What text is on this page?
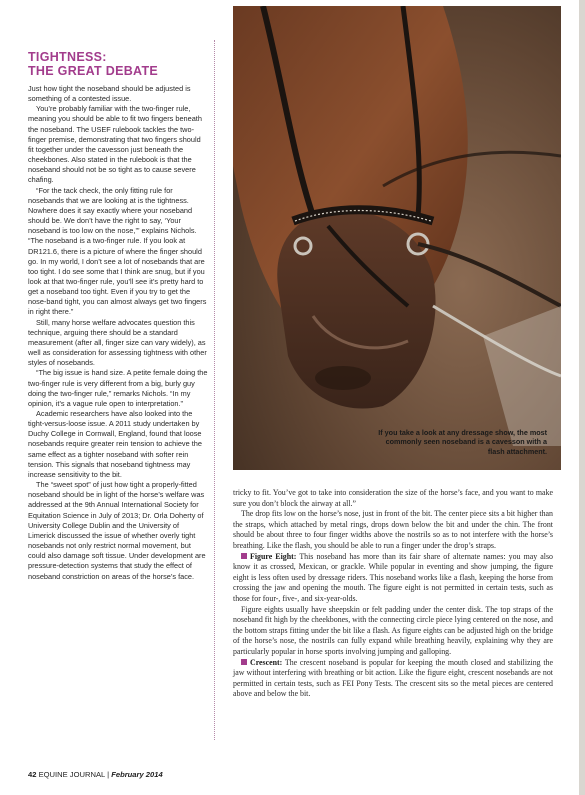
TIGHTNESS:
THE GREAT DEBATE

Just how tight the noseband should be adjusted is something of a contested issue.

You’re probably familiar with the two-finger rule, meaning you should be able to fit two fingers beneath the noseband. The USEF rulebook tackles the two-finger premise, demonstrating that two fingers should fit together under the cavesson just beneath the cheekbones. Also stated in the rulebook is that the noseband should not be so tight as to cause severe chafing.

“For the tack check, the only fitting rule for nosebands that we are looking at is the tightness. Nowhere does it say exactly where your noseband should be. We don’t have the right to say, ‘Your noseband is too low on the nose,’” explains Nichols. “The noseband is a two-finger rule. If you look at DR121.6, there is a picture of where the finger should go. In my world, I don’t see a lot of nosebands that are too tight. I do see some that I think are snug, but if you look at that two-finger rule, you’ll see it’s pretty hard to get a noseband too tight. Even if you try to get the nose-band tight, you can almost always get two fingers in right there.”

Still, many horse welfare advocates question this technique, arguing there should be a standard measurement (after all, finger size can vary widely), as well as consideration for assessing tightness with other styles of nosebands.

“The big issue is hand size. A petite female doing the two-finger rule is very different from a big, burly guy doing the two-finger rule,” remarks Nichols. “In my opinion, it’s a vague rule open to interpretation.”

Academic researchers have also looked into the tight-versus-loose issue. A 2011 study undertaken by Duchy College in Cornwall, England, found that loose nosebands require greater rein tension to achieve the same effect as a tighter noseband with softer rein tension. This signals that noseband tightness may increase sensitivity to the bit.

The “sweet spot” of just how tight a properly-fitted noseband should be in light of the horse’s welfare was addressed at the 9th Annual International Society for Equitation Science in July of 2013; Dr. Orla Doherty of University College Dublin and the University of Limerick discussed the issue of whether overly tight nosebands not only restrict normal movement, but could also damage soft tissue. Under development are pressure-detection systems that study the effect of noseband constriction on areas of the horse’s face.

If you take a look at any dressage show, the most commonly seen noseband is a cavesson with a flash attachment.

tricky to fit. You’ve got to take into consideration the size of the horse’s face, and you want to make sure you don’t block the airway at all.”

The drop fits low on the horse’s nose, just in front of the bit. The center piece sits a bit higher than the straps, which attached by metal rings, drops down below the bit and under the chin. The front should be about three to four finger widths above the nostrils so as to not interfere with the horse’s breathing. Like the flash, you should be able to run a finger under the drop’s straps.

Figure Eight: This noseband has more than its fair share of alternate names: you may also know it as crossed, Mexican, or grackle. While popular in eventing and show jumping, the figure eight is less often used by dressage riders. This noseband works like a flash, keeping the horse from crossing the jaw and opening the mouth. The figure eight is not permitted in certain tests, such as those for four-, five-, and six-year-olds.

Figure eights usually have sheepskin or felt padding under the center disk. The top straps of the noseband fit high by the cheekbones, with the connecting circle piece lying centered on the nose, and the bottom straps fitting under the bit like a flash. As figure eights can be adjusted high on the bridge of the horse’s nose, the nostrils can fully expand while breathing heavily, explaining why they are particularly popular in horse sports involving jumping and galloping.

Crescent: The crescent noseband is popular for keeping the mouth closed and stabilizing the jaw without interfering with breathing or bit action. Like the figure eight, crescent nosebands are not permitted in certain tests, such as FEI Pony Tests. The crescent sits so the metal pieces are centered above and below the bit.

42 EQUINE JOURNAL | February 2014
